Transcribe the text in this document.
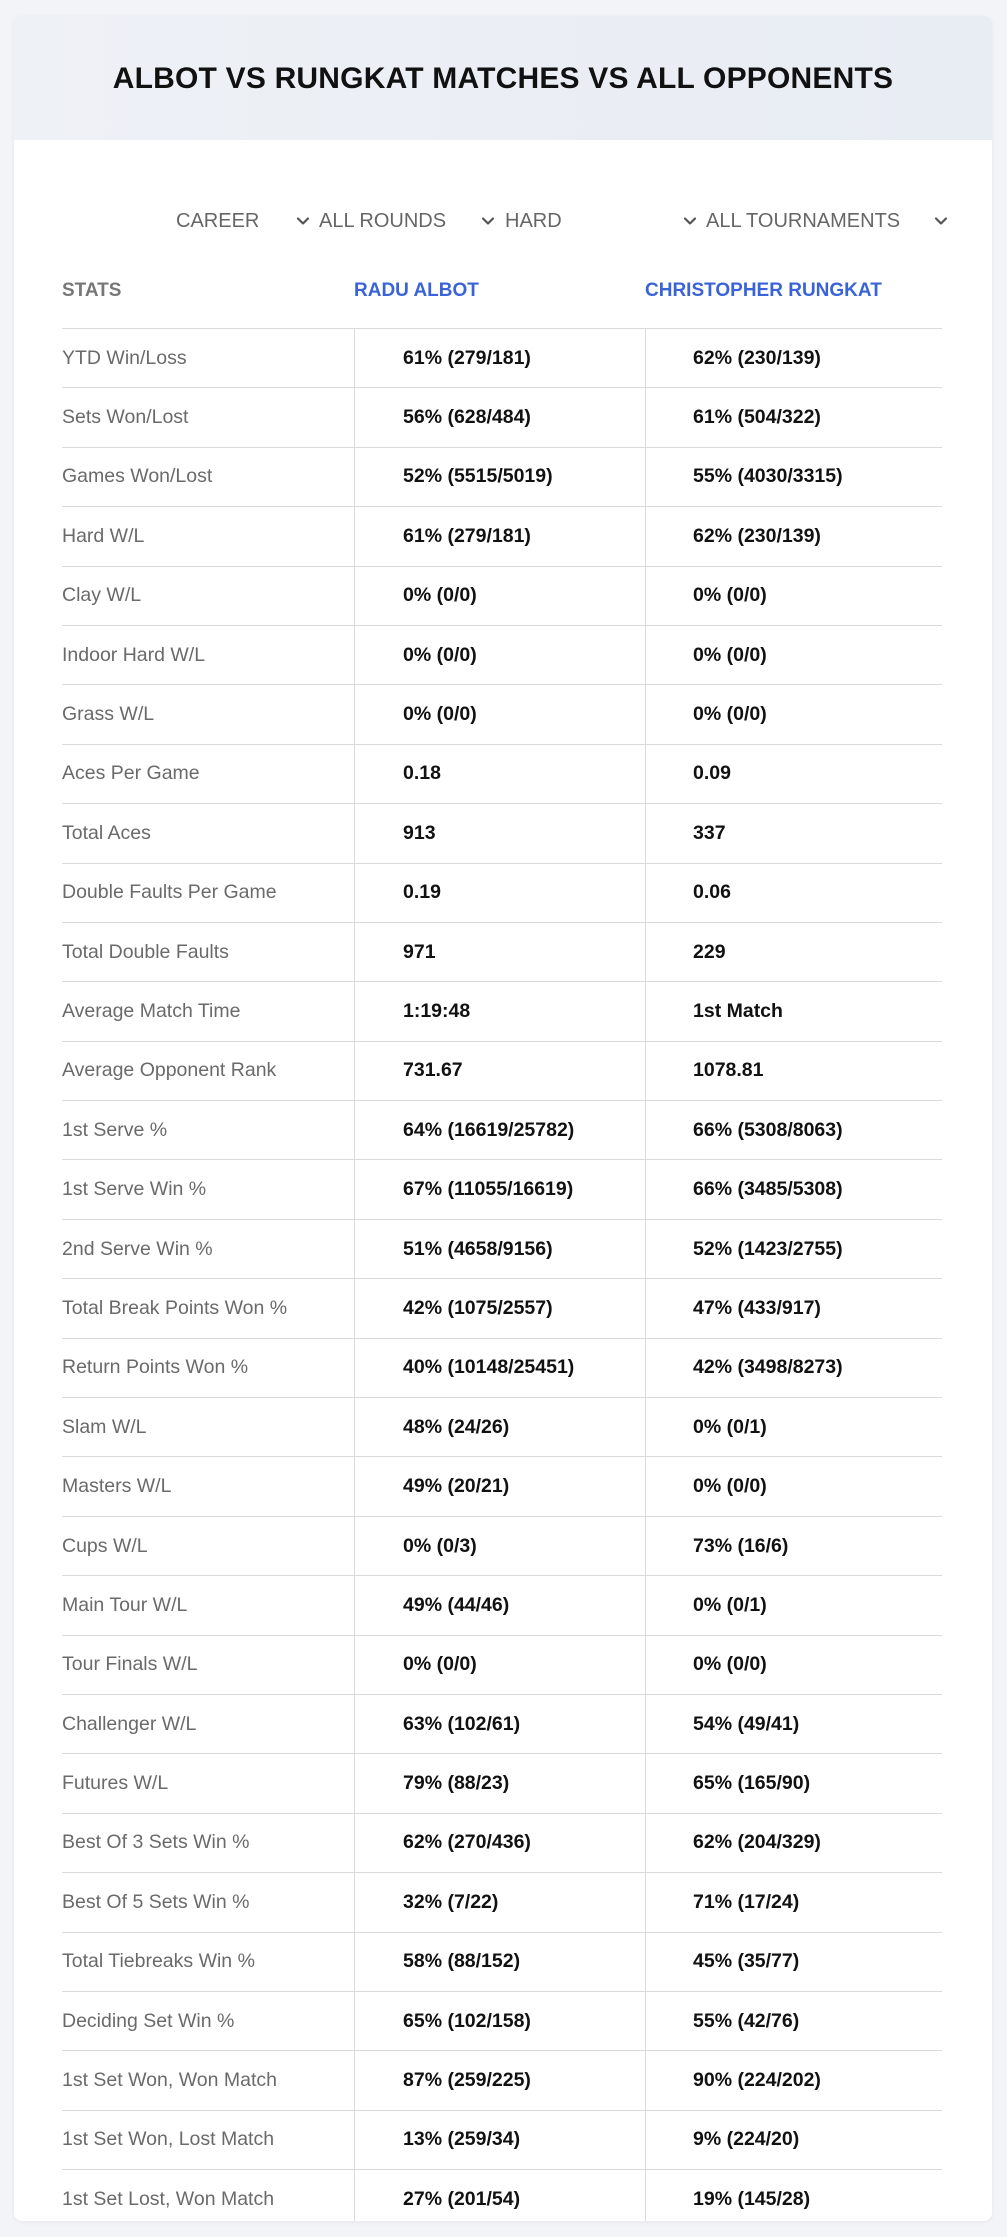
ALBOT VS RUNGKAT MATCHES VS ALL OPPONENTS
CAREER	ALL ROUNDS	HARD	ALL TOURNAMENTS
STATS	RADU ALBOT	CHRISTOPHER RUNGKAT
YTD Win/Loss	61% (279/181)	62% (230/139)
Sets Won/Lost	56% (628/484)	61% (504/322)
Games Won/Lost	52% (5515/5019)	55% (4030/3315)
Hard W/L	61% (279/181)	62% (230/139)
Clay W/L	0% (0/0)	0% (0/0)
Indoor Hard W/L	0% (0/0)	0% (0/0)
Grass W/L	0% (0/0)	0% (0/0)
Aces Per Game	0.18	0.09
Total Aces	913	337
Double Faults Per Game	0.19	0.06
Total Double Faults	971	229
Average Match Time	1:19:48	1st Match
Average Opponent Rank	731.67	1078.81
1st Serve %	64% (16619/25782)	66% (5308/8063)
1st Serve Win %	67% (11055/16619)	66% (3485/5308)
2nd Serve Win %	51% (4658/9156)	52% (1423/2755)
Total Break Points Won %	42% (1075/2557)	47% (433/917)
Return Points Won %	40% (10148/25451)	42% (3498/8273)
Slam W/L	48% (24/26)	0% (0/1)
Masters W/L	49% (20/21)	0% (0/0)
Cups W/L	0% (0/3)	73% (16/6)
Main Tour W/L	49% (44/46)	0% (0/1)
Tour Finals W/L	0% (0/0)	0% (0/0)
Challenger W/L	63% (102/61)	54% (49/41)
Futures W/L	79% (88/23)	65% (165/90)
Best Of 3 Sets Win %	62% (270/436)	62% (204/329)
Best Of 5 Sets Win %	32% (7/22)	71% (17/24)
Total Tiebreaks Win %	58% (88/152)	45% (35/77)
Deciding Set Win %	65% (102/158)	55% (42/76)
1st Set Won, Won Match	87% (259/225)	90% (224/202)
1st Set Won, Lost Match	13% (259/34)	9% (224/20)
1st Set Lost, Won Match	27% (201/54)	19% (145/28)
